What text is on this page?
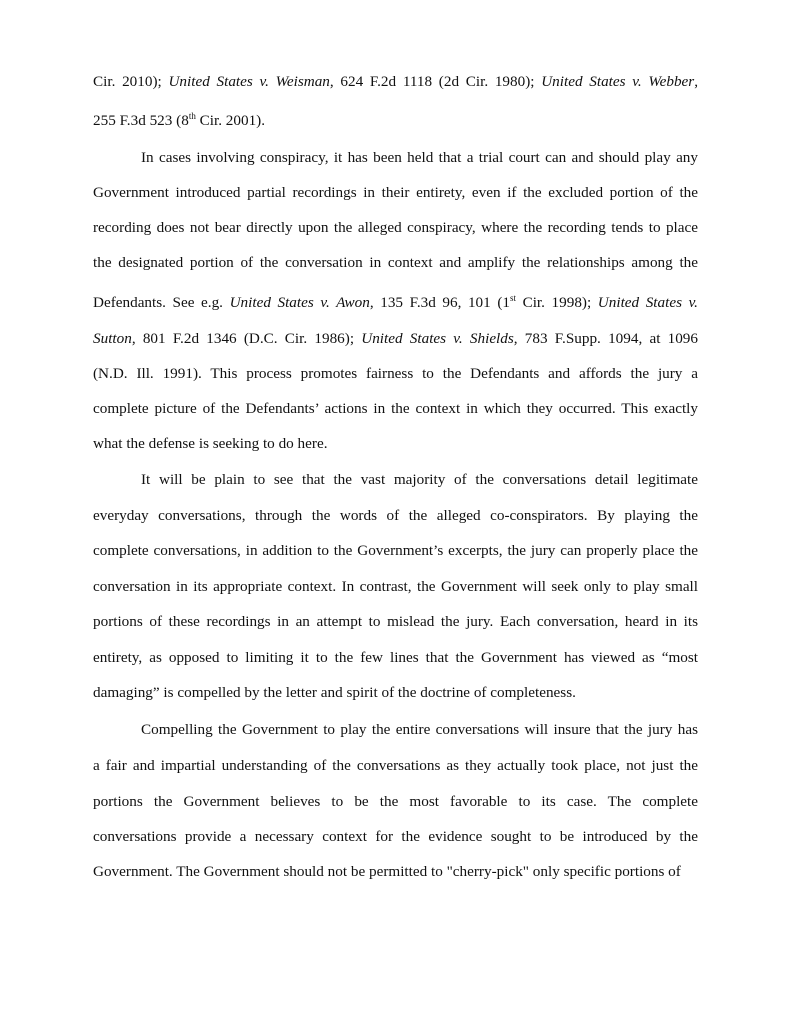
Cir. 2010); United States v. Weisman, 624 F.2d 1118 (2d Cir. 1980); United States v. Webber,
255 F.3d 523 (8th Cir. 2001).
In cases involving conspiracy, it has been held that a trial court can and should play any
Government introduced partial recordings in their entirety, even if the excluded portion of the
recording does not bear directly upon the alleged conspiracy, where the recording tends to place
the designated portion of the conversation in context and amplify the relationships among the
Defendants. See e.g. United States v. Awon, 135 F.3d 96, 101 (1st Cir. 1998); United States v.
Sutton, 801 F.2d 1346 (D.C. Cir. 1986); United States v. Shields, 783 F.Supp. 1094, at 1096
(N.D. Ill. 1991). This process promotes fairness to the Defendants and affords the jury a
complete picture of the Defendants’ actions in the context in which they occurred. This exactly
what the defense is seeking to do here.
It will be plain to see that the vast majority of the conversations detail legitimate
everyday conversations, through the words of the alleged co-conspirators. By playing the
complete conversations, in addition to the Government’s excerpts, the jury can properly place the
conversation in its appropriate context. In contrast, the Government will seek only to play small
portions of these recordings in an attempt to mislead the jury. Each conversation, heard in its
entirety, as opposed to limiting it to the few lines that the Government has viewed as “most
damaging” is compelled by the letter and spirit of the doctrine of completeness.
Compelling the Government to play the entire conversations will insure that the jury has
a fair and impartial understanding of the conversations as they actually took place, not just the
portions the Government believes to be the most favorable to its case. The complete
conversations provide a necessary context for the evidence sought to be introduced by the
Government. The Government should not be permitted to "cherry-pick" only specific portions of
